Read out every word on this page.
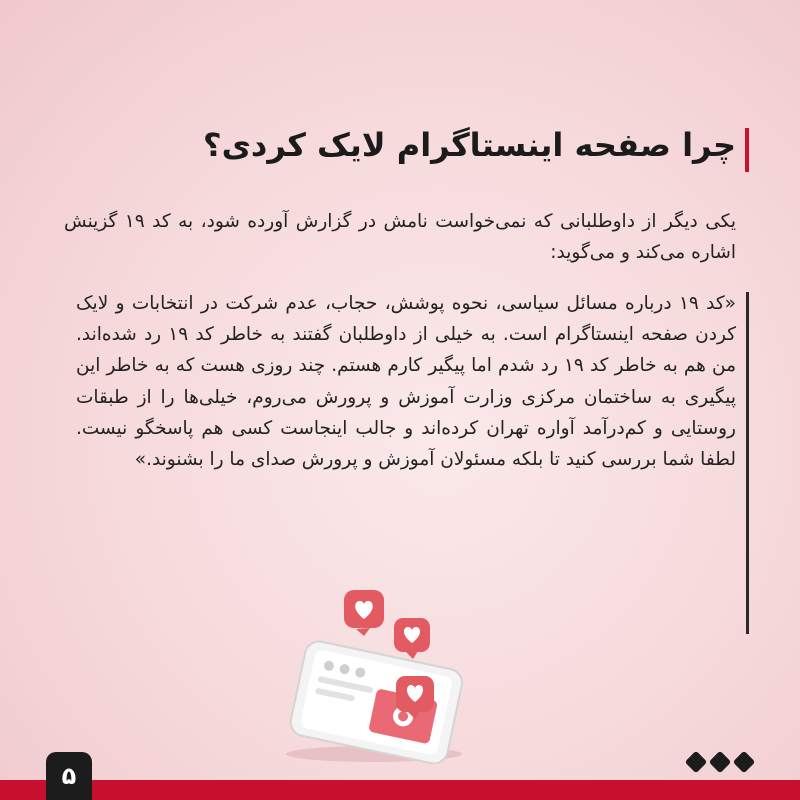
چرا صفحه اینستاگرام لایک کردی؟

یکی دیگر از داوطلبانی که نمی‌خواست نامش در گزارش آورده شود، به کد ۱۹ گزینش اشاره می‌کند و می‌گوید:

«کد ۱۹ درباره مسائل سیاسی، نحوه پوشش، حجاب، عدم شرکت در انتخابات و لایک کردن صفحه اینستاگرام است. به خیلی از داوطلبان گفتند به خاطر کد ۱۹ رد شده‌اند. من هم به خاطر کد ۱۹ رد شدم اما پیگیر کارم هستم. چند روزی هست که به خاطر این پیگیری به ساختمان مرکزی وزارت آموزش و پرورش می‌روم، خیلی‌ها را از طبقات روستایی و کم‌درآمد آواره تهران کرده‌اند و جالب اینجاست کسی هم پاسخگو نیست. لطفا شما بررسی کنید تا بلکه مسئولان آموزش و پرورش صدای ما را بشنوند.»

۵
